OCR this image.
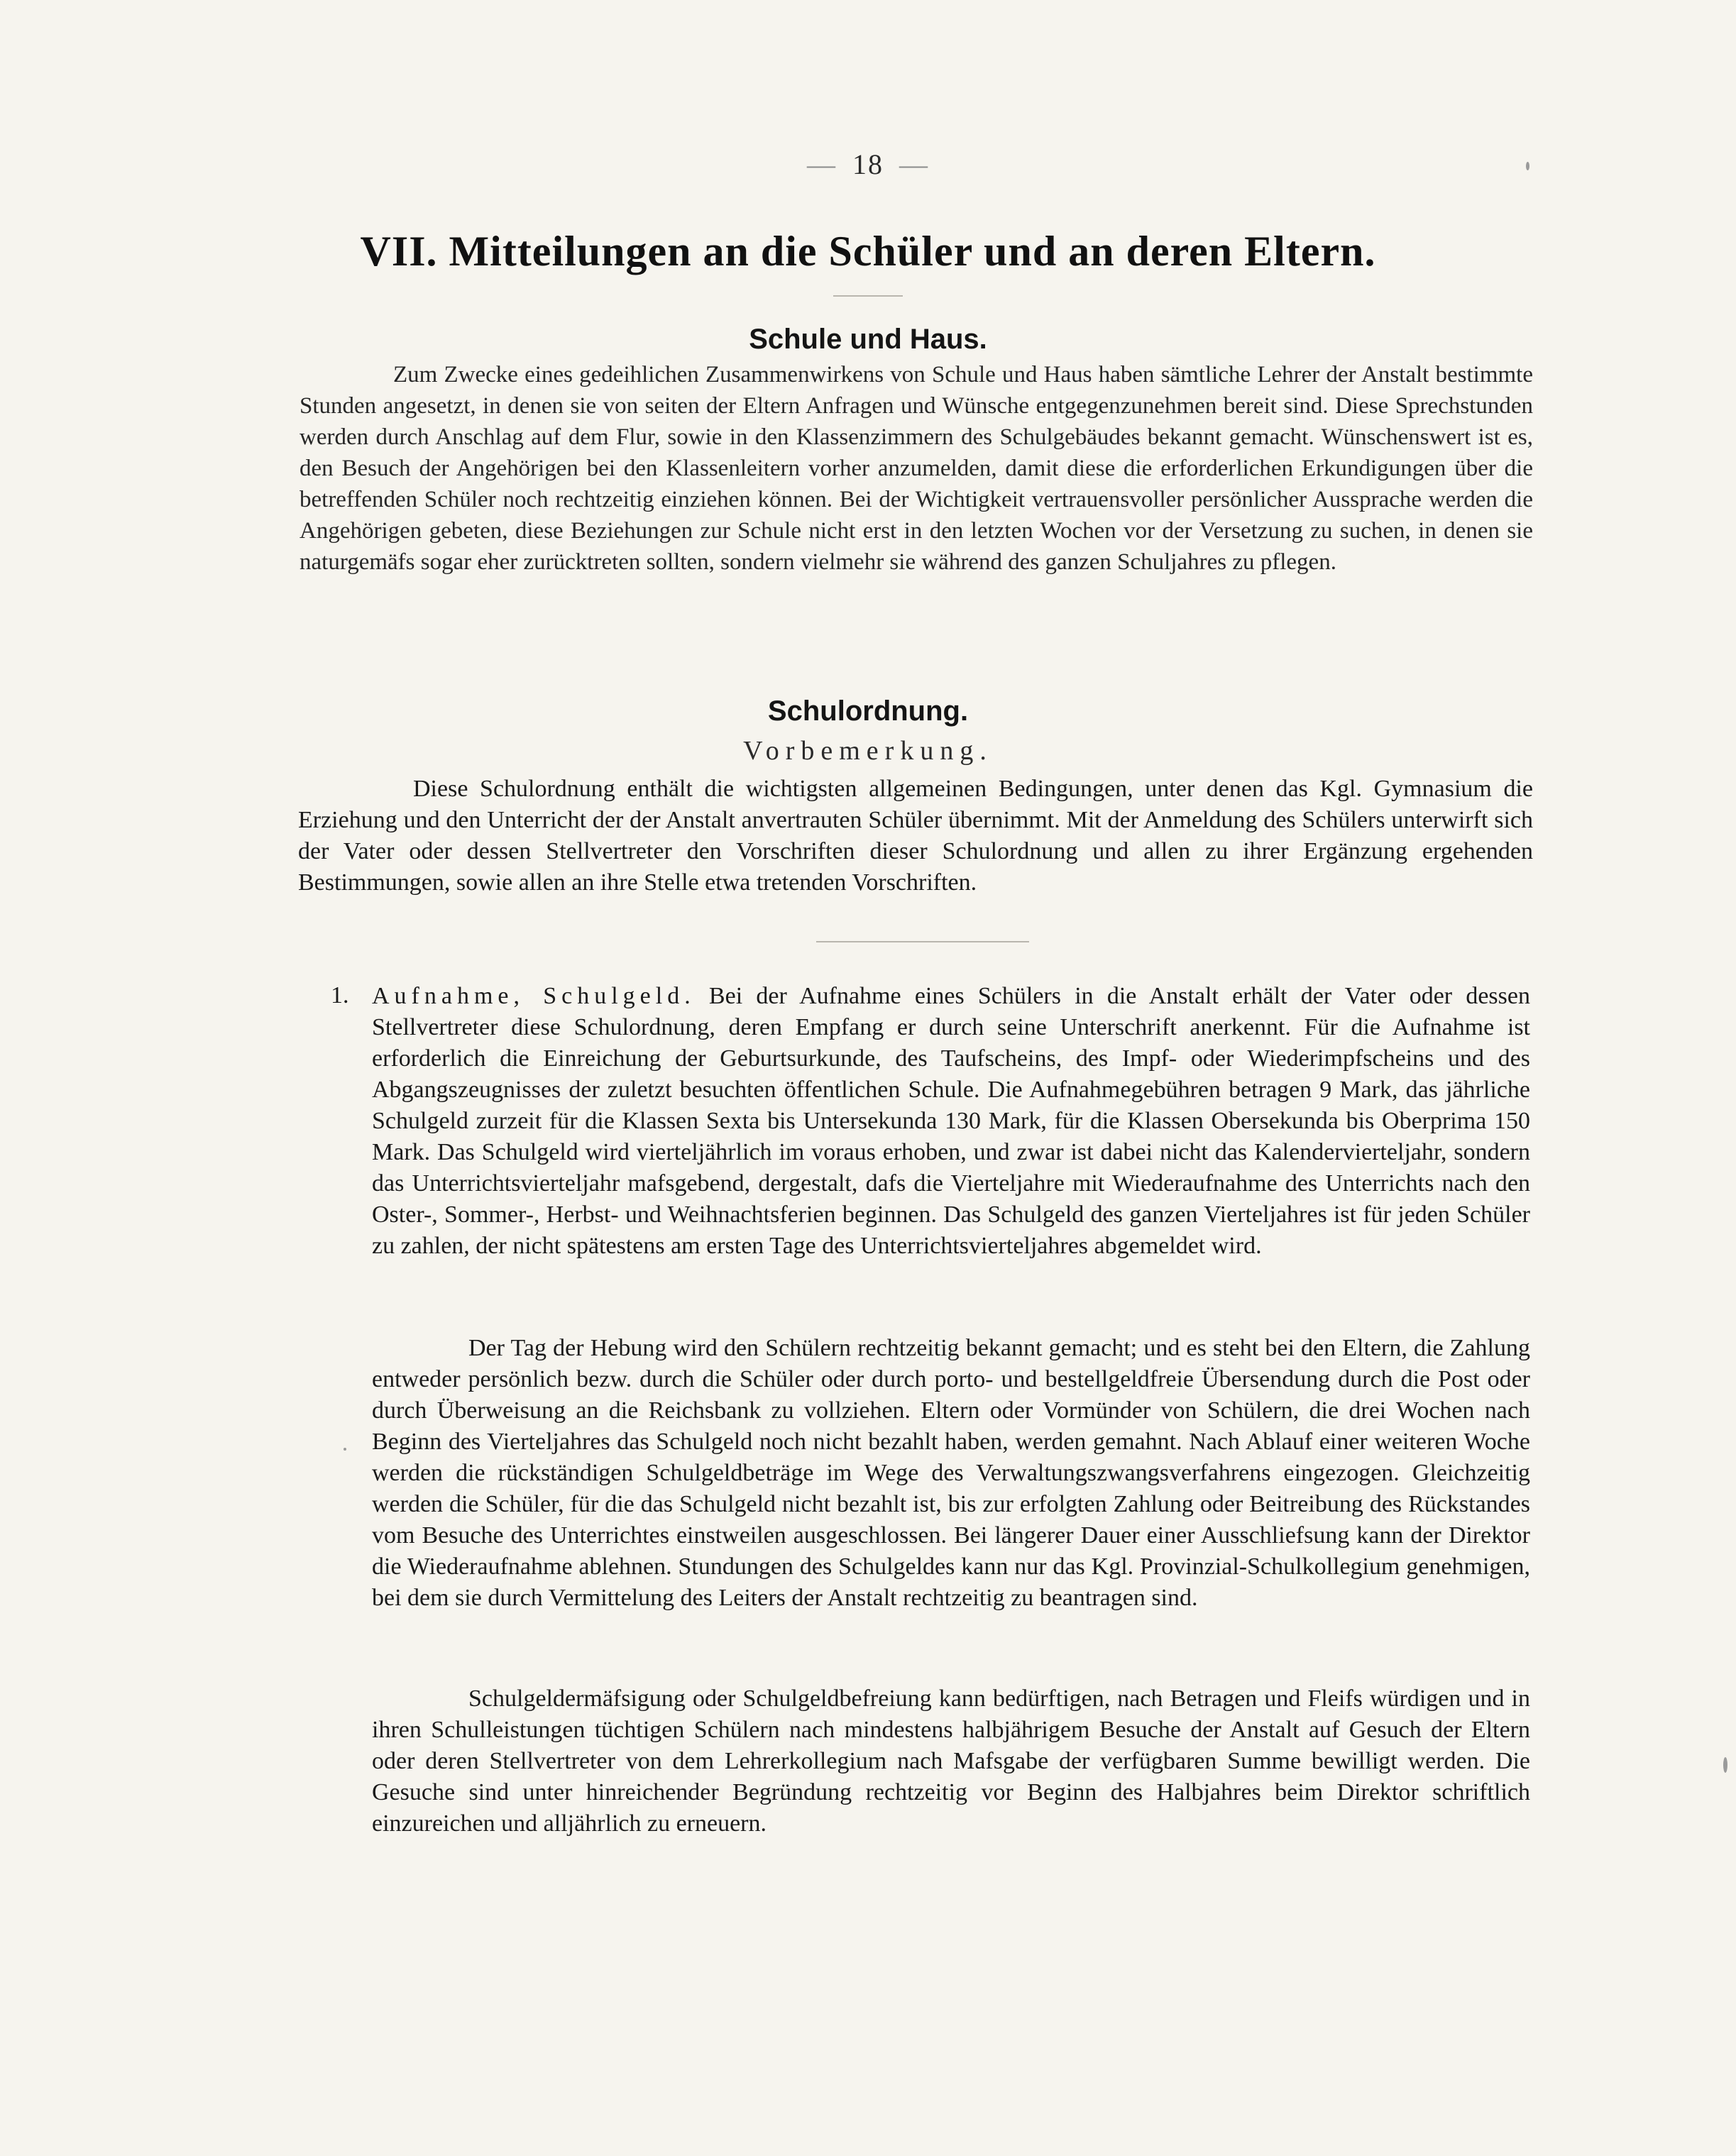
— 18 —
VII. Mitteilungen an die Schüler und an deren Eltern.
Schule und Haus.

Zum Zwecke eines gedeihlichen Zusammenwirkens von Schule und Haus haben sämtliche Lehrer der Anstalt bestimmte Stunden angesetzt, in denen sie von seiten der Eltern Anfragen und Wünsche entgegenzunehmen bereit sind. Diese Sprechstunden werden durch Anschlag auf dem Flur, sowie in den Klassenzimmern des Schulgebäudes bekannt gemacht. Wünschenswert ist es, den Besuch der Angehörigen bei den Klassenleitern vorher anzumelden, damit diese die erforderlichen Erkundigungen über die betreffenden Schüler noch rechtzeitig einziehen können. Bei der Wichtigkeit vertrauensvoller persönlicher Aussprache werden die Angehörigen gebeten, diese Beziehungen zur Schule nicht erst in den letzten Wochen vor der Versetzung zu suchen, in denen sie naturgemäfs sogar eher zurücktreten sollten, sondern vielmehr sie während des ganzen Schuljahres zu pflegen.

Schulordnung.
Vorbemerkung.

Diese Schulordnung enthält die wichtigsten allgemeinen Bedingungen, unter denen das Kgl. Gymnasium die Erziehung und den Unterricht der der Anstalt anvertrauten Schüler übernimmt. Mit der Anmeldung des Schülers unterwirft sich der Vater oder dessen Stellvertreter den Vorschriften dieser Schulordnung und allen zu ihrer Ergänzung ergehenden Bestimmungen, sowie allen an ihre Stelle etwa tretenden Vorschriften.

1. Aufnahme, Schulgeld. Bei der Aufnahme eines Schülers in die Anstalt erhält der Vater oder dessen Stellvertreter diese Schulordnung, deren Empfang er durch seine Unterschrift anerkennt. Für die Aufnahme ist erforderlich die Einreichung der Geburtsurkunde, des Taufscheins, des Impf- oder Wiederimpfscheins und des Abgangszeugnisses der zuletzt besuchten öffentlichen Schule. Die Aufnahmegebühren betragen 9 Mark, das jährliche Schulgeld zurzeit für die Klassen Sexta bis Untersekunda 130 Mark, für die Klassen Obersekunda bis Oberprima 150 Mark. Das Schulgeld wird vierteljährlich im voraus erhoben, und zwar ist dabei nicht das Kalendervierteljahr, sondern das Unterrichtsvierteljahr mafsgebend, dergestalt, dafs die Vierteljahre mit Wiederaufnahme des Unterrichts nach den Oster-, Sommer-, Herbst- und Weihnachtsferien beginnen. Das Schulgeld des ganzen Vierteljahres ist für jeden Schüler zu zahlen, der nicht spätestens am ersten Tage des Unterrichtsvierteljahres abgemeldet wird.

Der Tag der Hebung wird den Schülern rechtzeitig bekannt gemacht; und es steht bei den Eltern, die Zahlung entweder persönlich bezw. durch die Schüler oder durch porto- und bestellgeldfreie Übersendung durch die Post oder durch Überweisung an die Reichsbank zu vollziehen. Eltern oder Vormünder von Schülern, die drei Wochen nach Beginn des Vierteljahres das Schulgeld noch nicht bezahlt haben, werden gemahnt. Nach Ablauf einer weiteren Woche werden die rückständigen Schulgeldbeträge im Wege des Verwaltungszwangsverfahrens eingezogen. Gleichzeitig werden die Schüler, für die das Schulgeld nicht bezahlt ist, bis zur erfolgten Zahlung oder Beitreibung des Rückstandes vom Besuche des Unterrichtes einstweilen ausgeschlossen. Bei längerer Dauer einer Ausschliefsung kann der Direktor die Wiederaufnahme ablehnen. Stundungen des Schulgeldes kann nur das Kgl. Provinzial-Schulkollegium genehmigen, bei dem sie durch Vermittelung des Leiters der Anstalt rechtzeitig zu beantragen sind.

Schulgeldermäfsigung oder Schulgeldbefreiung kann bedürftigen, nach Betragen und Fleifs würdigen und in ihren Schulleistungen tüchtigen Schülern nach mindestens halbjährigem Besuche der Anstalt auf Gesuch der Eltern oder deren Stellvertreter von dem Lehrerkollegium nach Mafsgabe der verfügbaren Summe bewilligt werden. Die Gesuche sind unter hinreichender Begründung rechtzeitig vor Beginn des Halbjahres beim Direktor schriftlich einzureichen und alljährlich zu erneuern.
